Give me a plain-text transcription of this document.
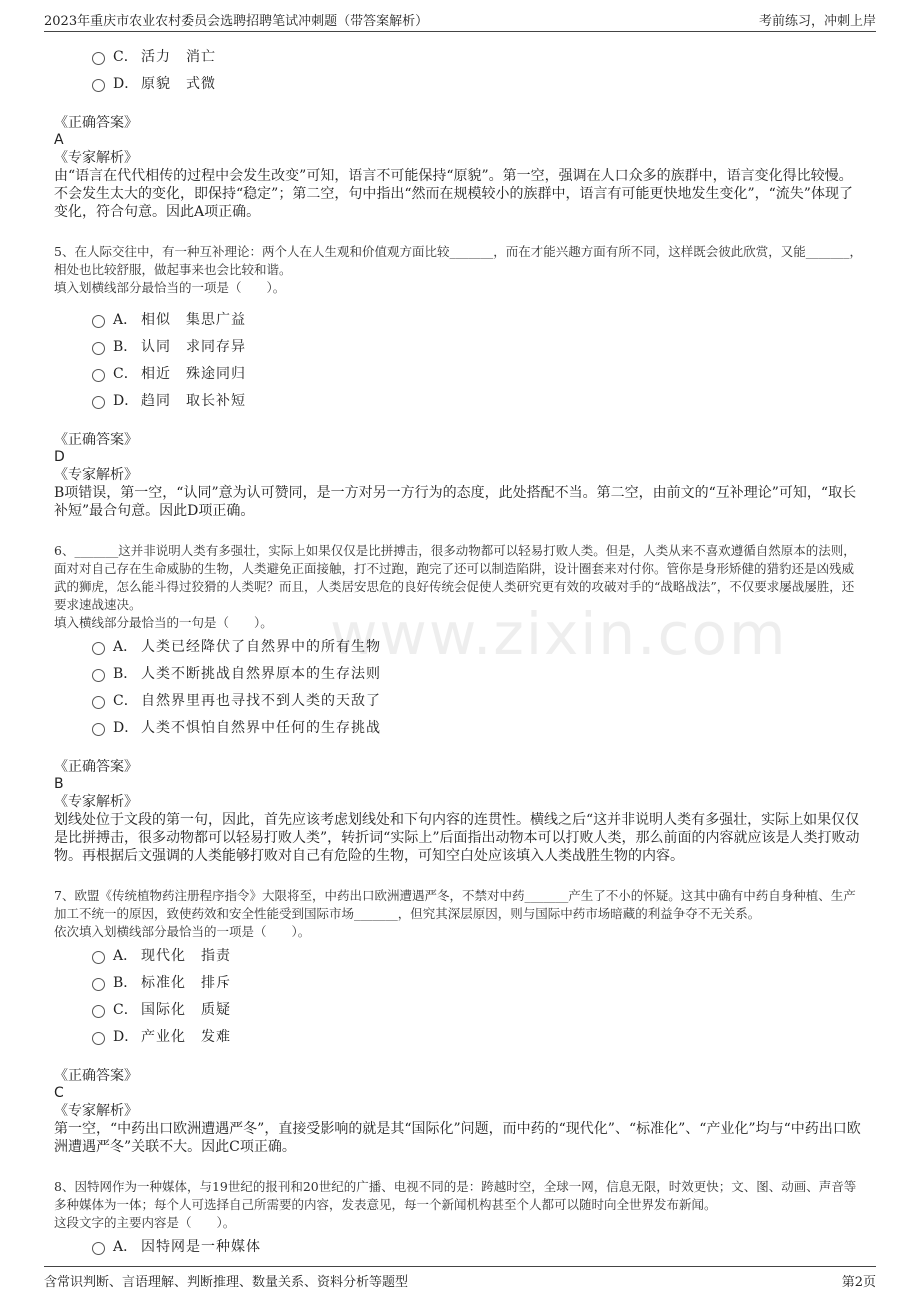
2023年重庆市农业农村委员会选聘招聘笔试冲刺题（带答案解析）	考前练习，冲刺上岸
www.zixin.com
C． 活力　消亡
D． 原貌　式微
《正确答案》
A
《专家解析》
由“语言在代代相传的过程中会发生改变”可知，语言不可能保持“原貌”。第一空，强调在人口众多的族群中，语言变化得比较慢。不会发生太大的变化，即保持“稳定”；第二空，句中指出“然而在规模较小的族群中，语言有可能更快地发生变化”，“流失”体现了变化，符合句意。因此A项正确。
5、在人际交往中，有一种互补理论：两个人在人生观和价值观方面比较_______，而在才能兴趣方面有所不同，这样既会彼此欣赏，又能_______，相处也比较舒服，做起事来也会比较和谐。
填入划横线部分最恰当的一项是（　　）。
A． 相似　集思广益
B． 认同　求同存异
C． 相近　殊途同归
D． 趋同　取长补短
《正确答案》
D
《专家解析》
B项错误，第一空，“认同”意为认可赞同，是一方对另一方行为的态度，此处搭配不当。第二空，由前文的“互补理论”可知，“取长补短”最合句意。因此D项正确。
6、_______这并非说明人类有多强壮，实际上如果仅仅是比拼搏击，很多动物都可以轻易打败人类。但是，人类从来不喜欢遵循自然原本的法则，面对对自己存在生命威胁的生物，人类避免正面接触，打不过跑，跑完了还可以制造陷阱，设计圈套来对付你。管你是身形矫健的猎豹还是凶残威武的狮虎，怎么能斗得过狡猾的人类呢？而且，人类居安思危的良好传统会促使人类研究更有效的攻破对手的“战略战法”，不仅要求屡战屡胜，还要求速战速决。
填入横线部分最恰当的一句是（　　）。
A． 人类已经降伏了自然界中的所有生物
B． 人类不断挑战自然界原本的生存法则
C． 自然界里再也寻找不到人类的天敌了
D． 人类不惧怕自然界中任何的生存挑战
《正确答案》
B
《专家解析》
划线处位于文段的第一句，因此，首先应该考虑划线处和下句内容的连贯性。横线之后“这并非说明人类有多强壮，实际上如果仅仅是比拼搏击，很多动物都可以轻易打败人类”，转折词“实际上”后面指出动物本可以打败人类，那么前面的内容就应该是人类打败动物。再根据后文强调的人类能够打败对自己有危险的生物，可知空白处应该填入人类战胜生物的内容。
7、欧盟《传统植物药注册程序指令》大限将至，中药出口欧洲遭遇严冬，不禁对中药_______产生了不小的怀疑。这其中确有中药自身种植、生产加工不统一的原因，致使药效和安全性能受到国际市场_______，但究其深层原因，则与国际中药市场暗藏的利益争夺不无关系。
依次填入划横线部分最恰当的一项是（　　）。
A． 现代化　指责
B． 标准化　排斥
C． 国际化　质疑
D． 产业化　发难
《正确答案》
C
《专家解析》
第一空，“中药出口欧洲遭遇严冬”，直接受影响的就是其“国际化”问题，而中药的“现代化”、“标准化”、“产业化”均与“中药出口欧洲遭遇严冬”关联不大。因此C项正确。
8、因特网作为一种媒体，与19世纪的报刊和20世纪的广播、电视不同的是：跨越时空，全球一网，信息无限，时效更快；文、图、动画、声音等多种媒体为一体；每个人可选择自己所需要的内容，发表意见，每一个新闻机构甚至个人都可以随时向全世界发布新闻。
这段文字的主要内容是（　　）。
A． 因特网是一种媒体
含常识判断、言语理解、判断推理、数量关系、资料分析等题型	第2页
